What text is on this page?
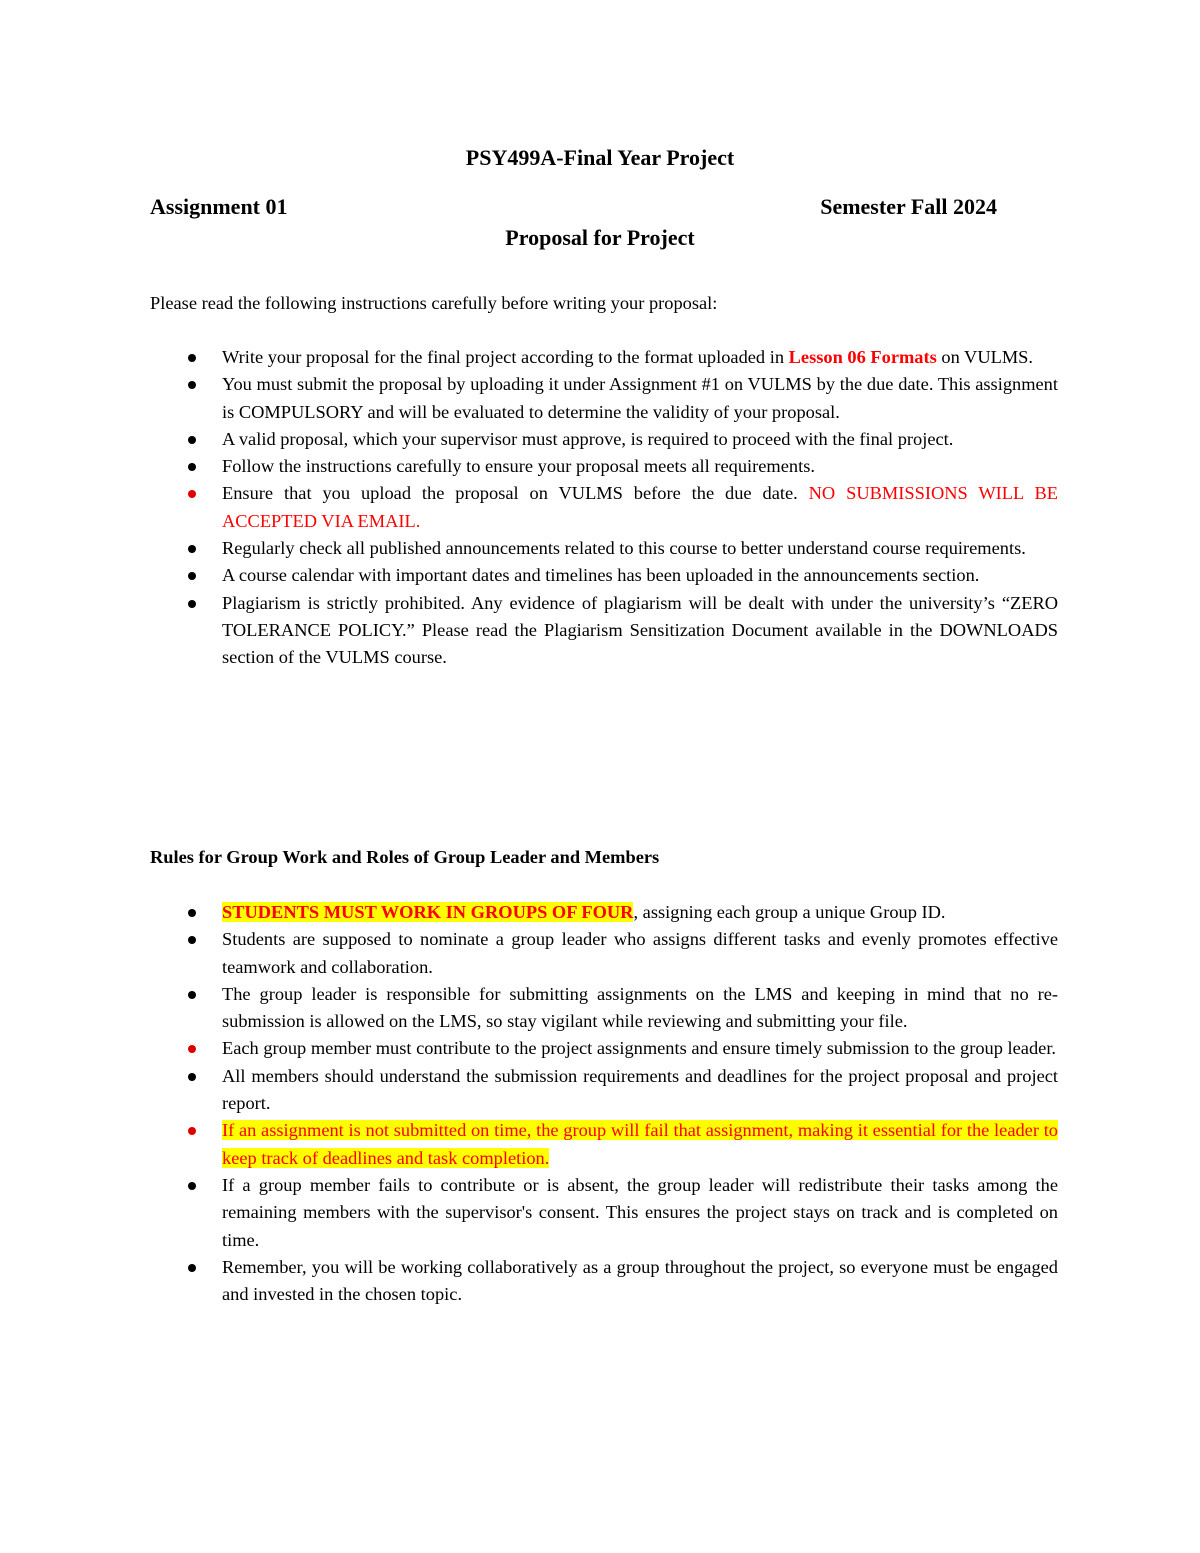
PSY499A-Final Year Project
Assignment 01	Semester Fall 2024
Proposal for Project
Please read the following instructions carefully before writing your proposal:
Write your proposal for the final project according to the format uploaded in Lesson 06 Formats on VULMS.
You must submit the proposal by uploading it under Assignment #1 on VULMS by the due date. This assignment is COMPULSORY and will be evaluated to determine the validity of your proposal.
A valid proposal, which your supervisor must approve, is required to proceed with the final project.
Follow the instructions carefully to ensure your proposal meets all requirements.
Ensure that you upload the proposal on VULMS before the due date. NO SUBMISSIONS WILL BE ACCEPTED VIA EMAIL.
Regularly check all published announcements related to this course to better understand course requirements.
A course calendar with important dates and timelines has been uploaded in the announcements section.
Plagiarism is strictly prohibited. Any evidence of plagiarism will be dealt with under the university’s “ZERO TOLERANCE POLICY.” Please read the Plagiarism Sensitization Document available in the DOWNLOADS section of the VULMS course.
Rules for Group Work and Roles of Group Leader and Members
STUDENTS MUST WORK IN GROUPS OF FOUR, assigning each group a unique Group ID.
Students are supposed to nominate a group leader who assigns different tasks and evenly promotes effective teamwork and collaboration.
The group leader is responsible for submitting assignments on the LMS and keeping in mind that no re-submission is allowed on the LMS, so stay vigilant while reviewing and submitting your file.
Each group member must contribute to the project assignments and ensure timely submission to the group leader.
All members should understand the submission requirements and deadlines for the project proposal and project report.
If an assignment is not submitted on time, the group will fail that assignment, making it essential for the leader to keep track of deadlines and task completion.
If a group member fails to contribute or is absent, the group leader will redistribute their tasks among the remaining members with the supervisor's consent. This ensures the project stays on track and is completed on time.
Remember, you will be working collaboratively as a group throughout the project, so everyone must be engaged and invested in the chosen topic.
